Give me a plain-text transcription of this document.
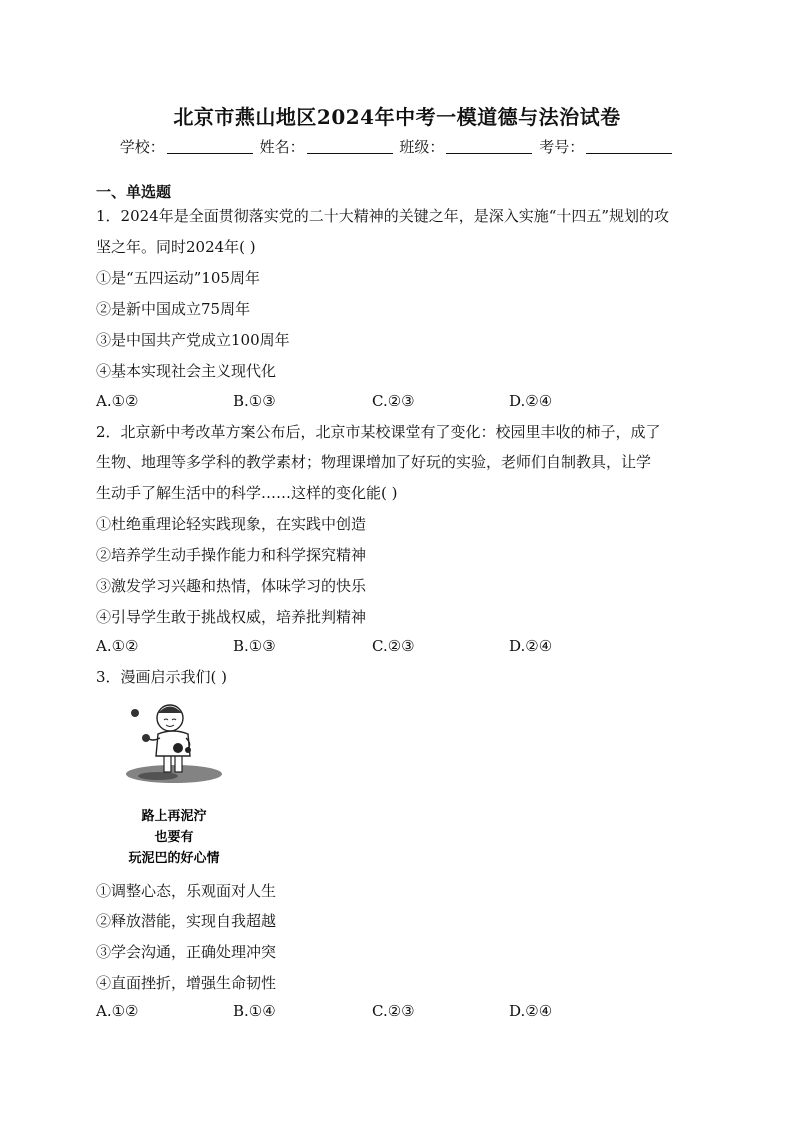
北京市燕山地区2024年中考一模道德与法治试卷
学校：	姓名：	班级：	考号：
一、单选题
1．2024年是全面贯彻落实党的二十大精神的关键之年，是深入实施“十四五”规划的攻
坚之年。同时2024年( )
①是“五四运动”105周年
②是新中国成立75周年
③是中国共产党成立100周年
④基本实现社会主义现代化
A.①②	B.①③	C.②③	D.②④
2．北京新中考改革方案公布后，北京市某校课堂有了变化：校园里丰收的柿子，成了
生物、地理等多学科的教学素材；物理课增加了好玩的实验，老师们自制教具，让学
生动手了解生活中的科学……这样的变化能( )
①杜绝重理论轻实践现象，在实践中创造
②培养学生动手操作能力和科学探究精神
③激发学习兴趣和热情，体味学习的快乐
④引导学生敢于挑战权威，培养批判精神
A.①②	B.①③	C.②③	D.②④
3．漫画启示我们( )
路上再泥泞
也要有
玩泥巴的好心情
①调整心态，乐观面对人生
②释放潜能，实现自我超越
③学会沟通，正确处理冲突
④直面挫折，增强生命韧性
A.①②	B.①④	C.②③	D.②④
